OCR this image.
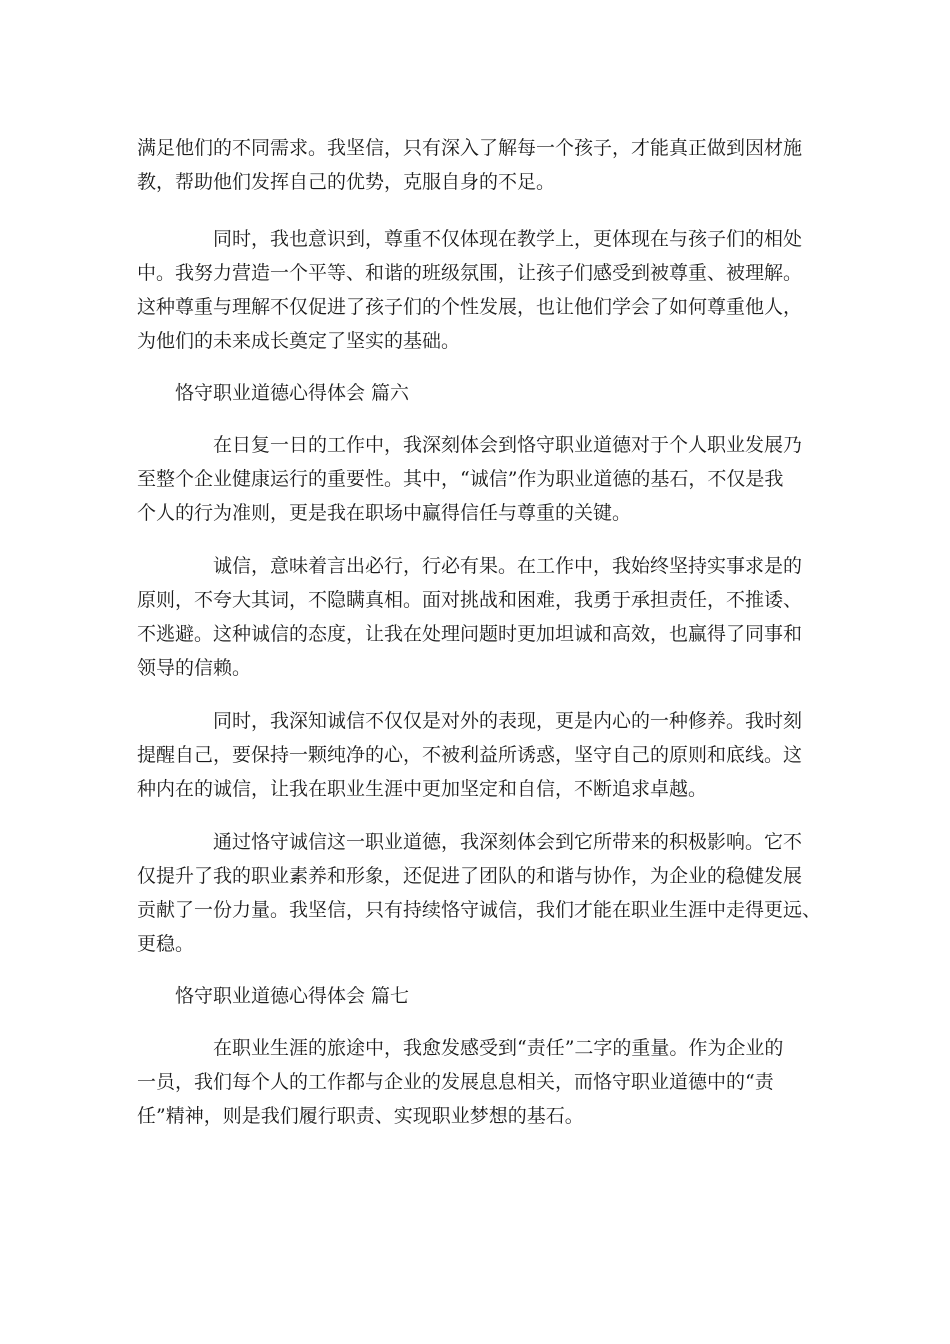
满足他们的不同需求。我坚信，只有深入了解每一个孩子，才能真正做到因材施
教，帮助他们发挥自己的优势，克服自身的不足。
同时，我也意识到，尊重不仅体现在教学上，更体现在与孩子们的相处
中。我努力营造一个平等、和谐的班级氛围，让孩子们感受到被尊重、被理解。
这种尊重与理解不仅促进了孩子们的个性发展，也让他们学会了如何尊重他人，
为他们的未来成长奠定了坚实的基础。
恪守职业道德心得体会 篇六
在日复一日的工作中，我深刻体会到恪守职业道德对于个人职业发展乃
至整个企业健康运行的重要性。其中，“诚信”作为职业道德的基石，不仅是我
个人的行为准则，更是我在职场中赢得信任与尊重的关键。
诚信，意味着言出必行，行必有果。在工作中，我始终坚持实事求是的
原则，不夸大其词，不隐瞒真相。面对挑战和困难，我勇于承担责任，不推诿、
不逃避。这种诚信的态度，让我在处理问题时更加坦诚和高效，也赢得了同事和
领导的信赖。
同时，我深知诚信不仅仅是对外的表现，更是内心的一种修养。我时刻
提醒自己，要保持一颗纯净的心，不被利益所诱惑，坚守自己的原则和底线。这
种内在的诚信，让我在职业生涯中更加坚定和自信，不断追求卓越。
通过恪守诚信这一职业道德，我深刻体会到它所带来的积极影响。它不
仅提升了我的职业素养和形象，还促进了团队的和谐与协作，为企业的稳健发展
贡献了一份力量。我坚信，只有持续恪守诚信，我们才能在职业生涯中走得更远、
更稳。
恪守职业道德心得体会 篇七
在职业生涯的旅途中，我愈发感受到“责任”二字的重量。作为企业的
一员，我们每个人的工作都与企业的发展息息相关，而恪守职业道德中的“责
任”精神，则是我们履行职责、实现职业梦想的基石。
